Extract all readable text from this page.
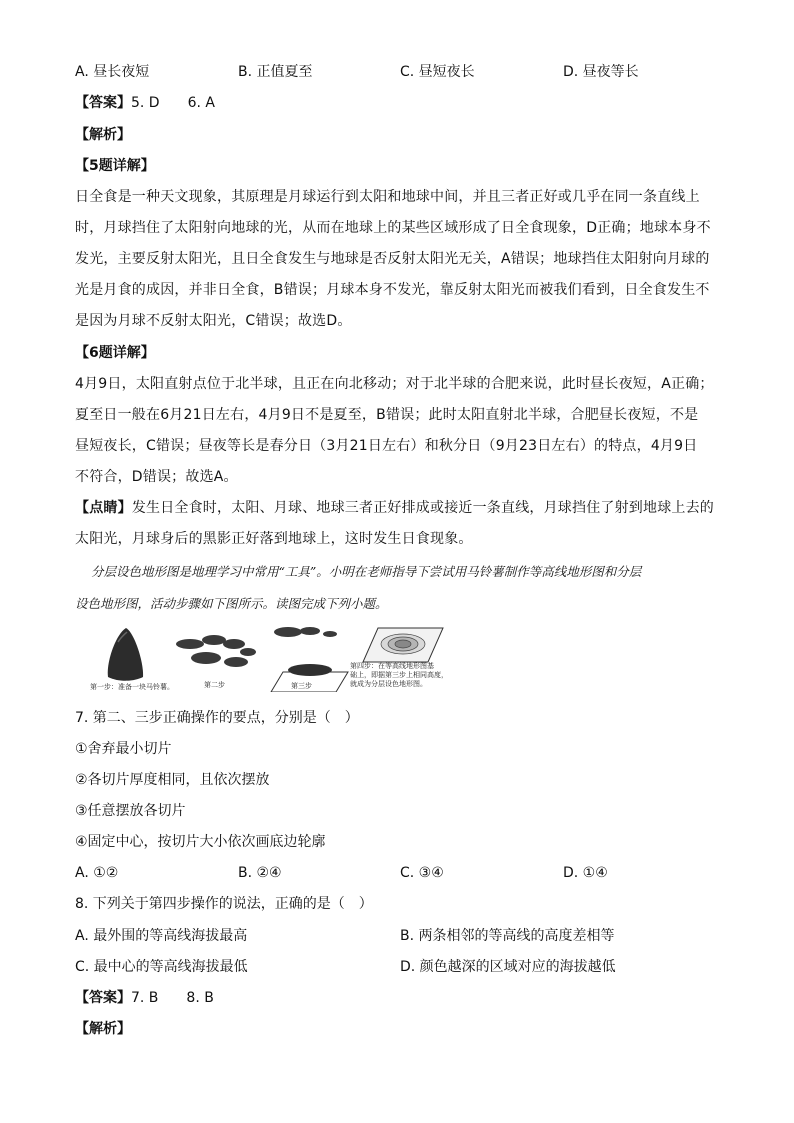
A. 昼长夜短	B. 正值夏至	C. 昼短夜长	D. 昼夜等长
【答案】5. D　　6. A
【解析】
【5题详解】

日全食是一种天文现象，其原理是月球运行到太阳和地球中间，并且三者正好或几乎在同一条直线上

时，月球挡住了太阳射向地球的光，从而在地球上的某些区域形成了日全食现象，D正确；地球本身不

发光，主要反射太阳光，且日全食发生与地球是否反射太阳光无关，A错误；地球挡住太阳射向月球的

光是月食的成因，并非日全食，B错误；月球本身不发光，靠反射太阳光而被我们看到，日全食发生不

是因为月球不反射太阳光，C错误；故选D。

【6题详解】

4月9日，太阳直射点位于北半球，且正在向北移动；对于北半球的合肥来说，此时昼长夜短，A正确；

夏至日一般在6月21日左右，4月9日不是夏至，B错误；此时太阳直射北半球，合肥昼长夜短，不是

昼短夜长，C错误；昼夜等长是春分日（3月21日左右）和秋分日（9月23日左右）的特点，4月9日

不符合，D错误；故选A。

【点睛】发生日全食时，太阳、月球、地球三者正好排成或接近一条直线，月球挡住了射到地球上去的

太阳光，月球身后的黑影正好落到地球上，这时发生日食现象。

分层设色地形图是地理学习中常用“工具”。小明在老师指导下尝试用马铃薯制作等高线地形图和分层
设色地形图，活动步骤如下图所示。读图完成下列小题。
第一步：准备一块马铃薯。	第二步	第三步
第四步：在等高线地形图基
础上，即据第三步上相同高度，
就成为分层设色地形图。
7. 第二、三步正确操作的要点，分别是（　）
①舍弃最小切片
②各切片厚度相同，且依次摆放
③任意摆放各切片
④固定中心，按切片大小依次画底边轮廓
A. ①②	B. ②④	C. ③④	D. ①④
8. 下列关于第四步操作的说法，正确的是（　）
A. 最外围的等高线海拔最高	B. 两条相邻的等高线的高度差相等
C. 最中心的等高线海拔最低	D. 颜色越深的区域对应的海拔越低
【答案】7. B　　8. B
【解析】
